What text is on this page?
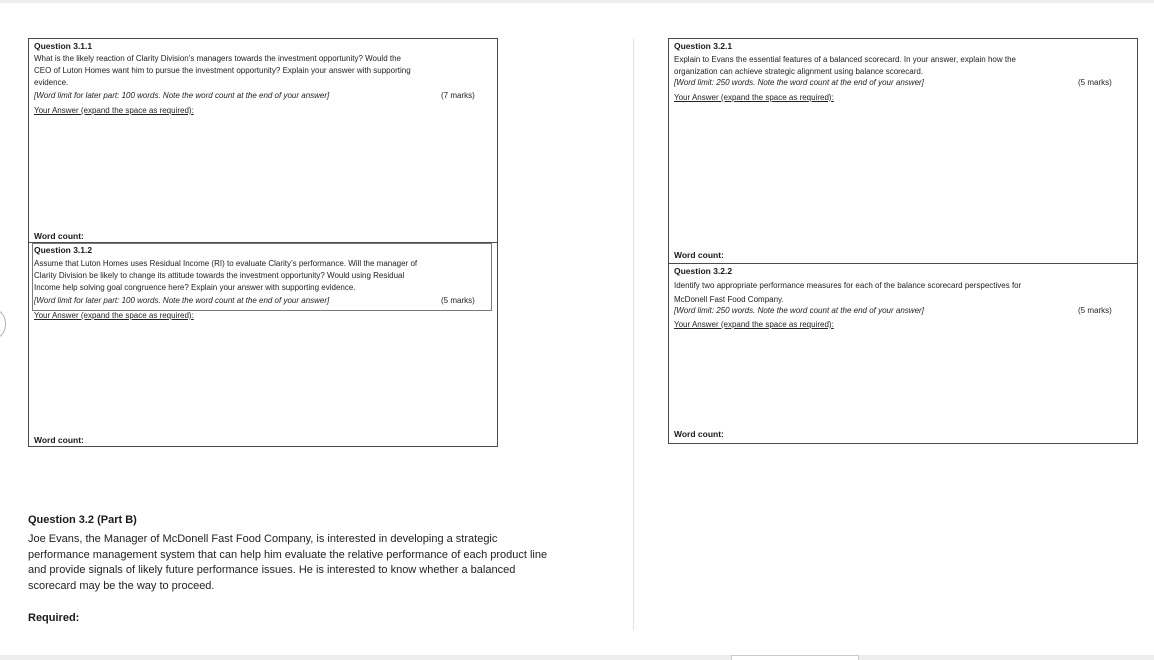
Question 3.1.1
What is the likely reaction of Clarity Division’s managers towards the investment opportunity? Would the
CEO of Luton Homes want him to pursue the investment opportunity? Explain your answer with supporting
evidence.
[Word limit for later part: 100 words. Note the word count at the end of your answer]	(7 marks)
Your Answer (expand the space as required):
Word count:
Question 3.1.2
Assume that Luton Homes uses Residual Income (RI) to evaluate Clarity’s performance. Will the manager of
Clarity Division be likely to change its attitude towards the investment opportunity? Would using Residual
Income help solving goal congruence here? Explain your answer with supporting evidence.
[Word limit for later part: 100 words. Note the word count at the end of your answer]	(5 marks)
Your Answer (expand the space as required):
Word count:
Question 3.2.1
Explain to Evans the essential features of a balanced scorecard. In your answer, explain how the
organization can achieve strategic alignment using balance scorecard.
[Word limit: 250 words. Note the word count at the end of your answer]	(5 marks)
Your Answer (expand the space as required):
Word count:
Question 3.2.2
Identify two appropriate performance measures for each of the balance scorecard perspectives for
McDonell Fast Food Company.
[Word limit: 250 words. Note the word count at the end of your answer]	(5 marks)
Your Answer (expand the space as required):
Word count:
Question 3.2 (Part B)
Joe Evans, the Manager of McDonell Fast Food Company, is interested in developing a strategic
performance management system that can help him evaluate the relative performance of each product line
and provide signals of likely future performance issues. He is interested to know whether a balanced
scorecard may be the way to proceed.
Required:
